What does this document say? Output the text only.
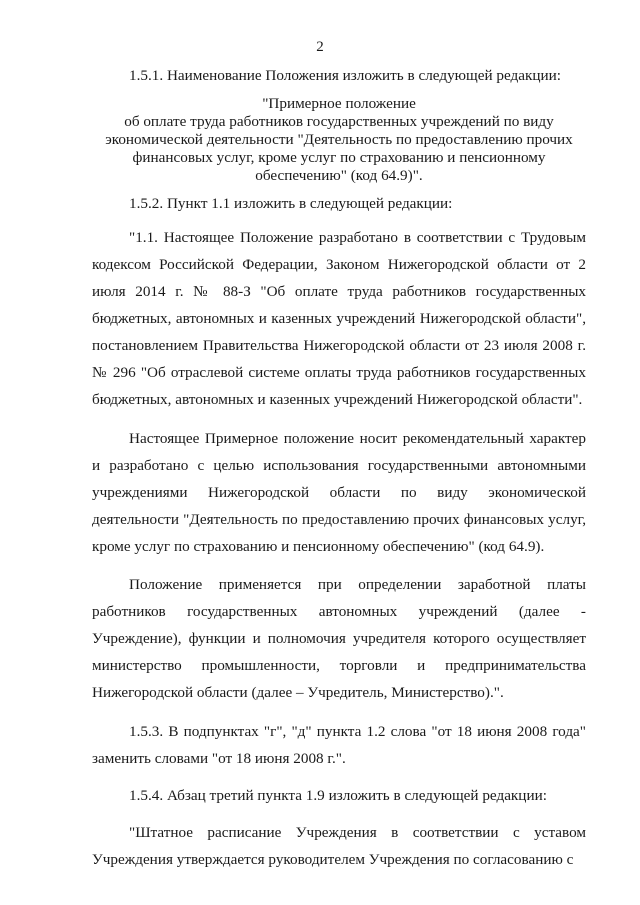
2

1.5.1. Наименование Положения изложить в следующей редакции:

"Примерное положение
об оплате труда работников государственных учреждений по виду
экономической деятельности "Деятельность по предоставлению прочих
финансовых услуг, кроме услуг по страхованию и пенсионному
обеспечению" (код 64.9)".

1.5.2. Пункт 1.1 изложить в следующей редакции:

"1.1. Настоящее Положение разработано в соответствии с Трудовым кодексом Российской Федерации, Законом Нижегородской области от 2 июля 2014 г. № 88-З "Об оплате труда работников государственных бюджетных, автономных и казенных учреждений Нижегородской области", постановлением Правительства Нижегородской области от 23 июля 2008 г. № 296 "Об отраслевой системе оплаты труда работников государственных бюджетных, автономных и казенных учреждений Нижегородской области".

Настоящее Примерное положение носит рекомендательный характер и разработано с целью использования государственными автономными учреждениями Нижегородской области по виду экономической деятельности "Деятельность по предоставлению прочих финансовых услуг, кроме услуг по страхованию и пенсионному обеспечению" (код 64.9).

Положение применяется при определении заработной платы работников государственных автономных учреждений (далее - Учреждение), функции и полномочия учредителя которого осуществляет министерство промышленности, торговли и предпринимательства Нижегородской области (далее – Учредитель, Министерство).".

1.5.3. В подпунктах "г", "д" пункта 1.2 слова "от 18 июня 2008 года" заменить словами "от 18 июня 2008 г.".

1.5.4. Абзац третий пункта 1.9 изложить в следующей редакции:

"Штатное расписание Учреждения в соответствии с уставом Учреждения утверждается руководителем Учреждения по согласованию с
